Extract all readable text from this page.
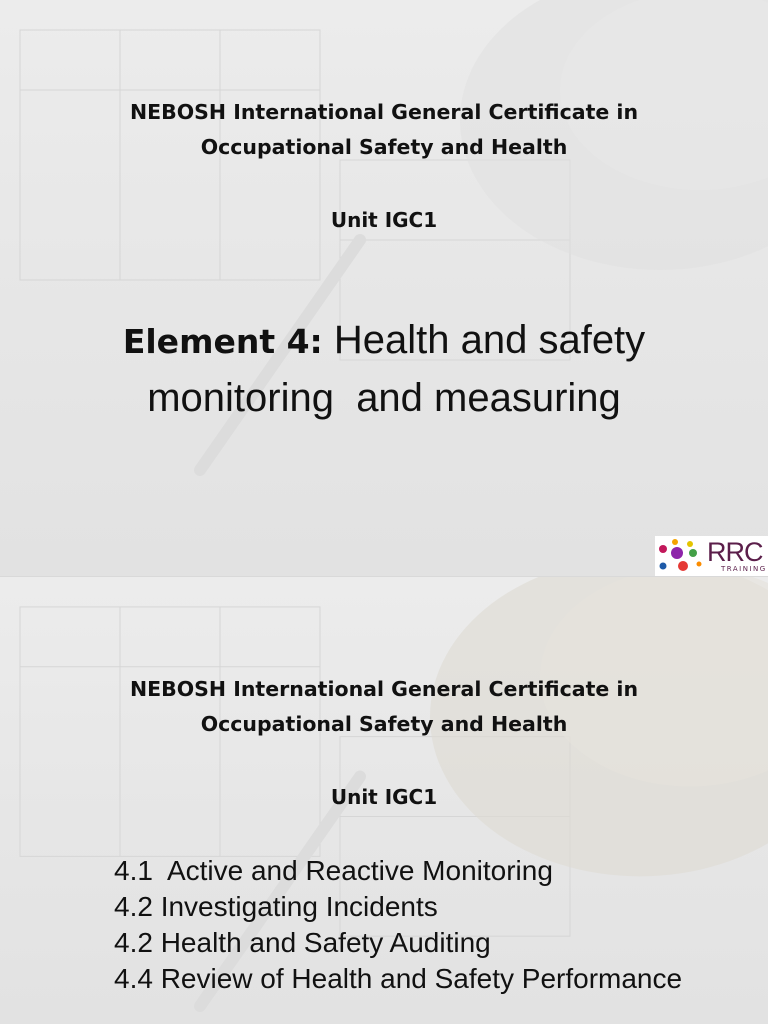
NEBOSH International General Certificate in
Occupational Safety and Health
Unit IGC1
Element 4: Health and safety
monitoring  and measuring
RRC
TRAINING
NEBOSH International General Certificate in
Occupational Safety and Health
Unit IGC1
4.1  Active and Reactive Monitoring
4.2 Investigating Incidents
4.2 Health and Safety Auditing
4.4 Review of Health and Safety Performance
